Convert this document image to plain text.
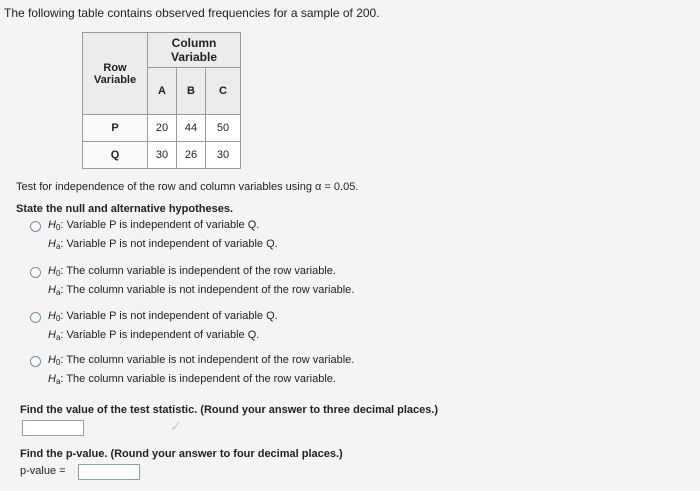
The following table contains observed frequencies for a sample of 200.
Row
Variable	Column Variable		
	A	B	C
P	20	44	50
Q	30	26	30
Test for independence of the row and column variables using α = 0.05.
State the null and alternative hypotheses.
$H_0$: Variable P is independent of variable Q.
$H_a$: Variable P is not independent of variable Q.
$H_0$: The column variable is independent of the row variable.
$H_a$: The column variable is not independent of the row variable.
$H_0$: Variable P is not independent of variable Q.
$H_a$: Variable P is independent of variable Q.
$H_0$: The column variable is not independent of the row variable.
$H_a$: The column variable is independent of the row variable.
Find the value of the test statistic. (Round your answer to three decimal places.)
✓
Find the p-value. (Round your answer to four decimal places.)
p-value =
